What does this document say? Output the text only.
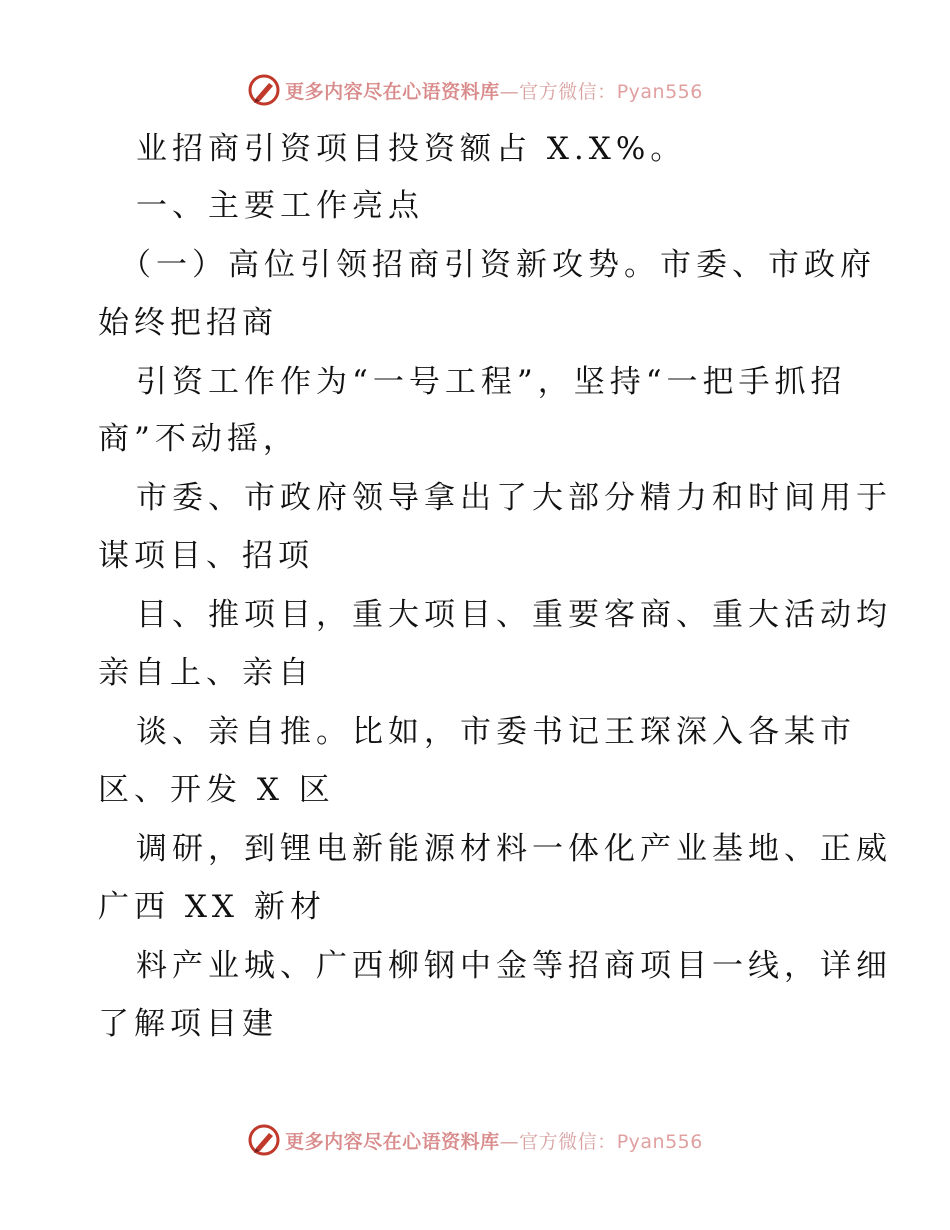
更多内容尽在心语资料库—官方微信：Pyan556
业招商引资项目投资额占 X.X%。
一、主要工作亮点
（一）高位引领招商引资新攻势。市委、市政府
始终把招商
引资工作作为“一号工程”，坚持“一把手抓招
商”不动摇，
市委、市政府领导拿出了大部分精力和时间用于
谋项目、招项
目、推项目，重大项目、重要客商、重大活动均
亲自上、亲自
谈、亲自推。比如，市委书记王琛深入各某市
区、开发 X 区
调研，到锂电新能源材料一体化产业基地、正威
广西 XX 新材
料产业城、广西柳钢中金等招商项目一线，详细
了解项目建
更多内容尽在心语资料库—官方微信：Pyan556
